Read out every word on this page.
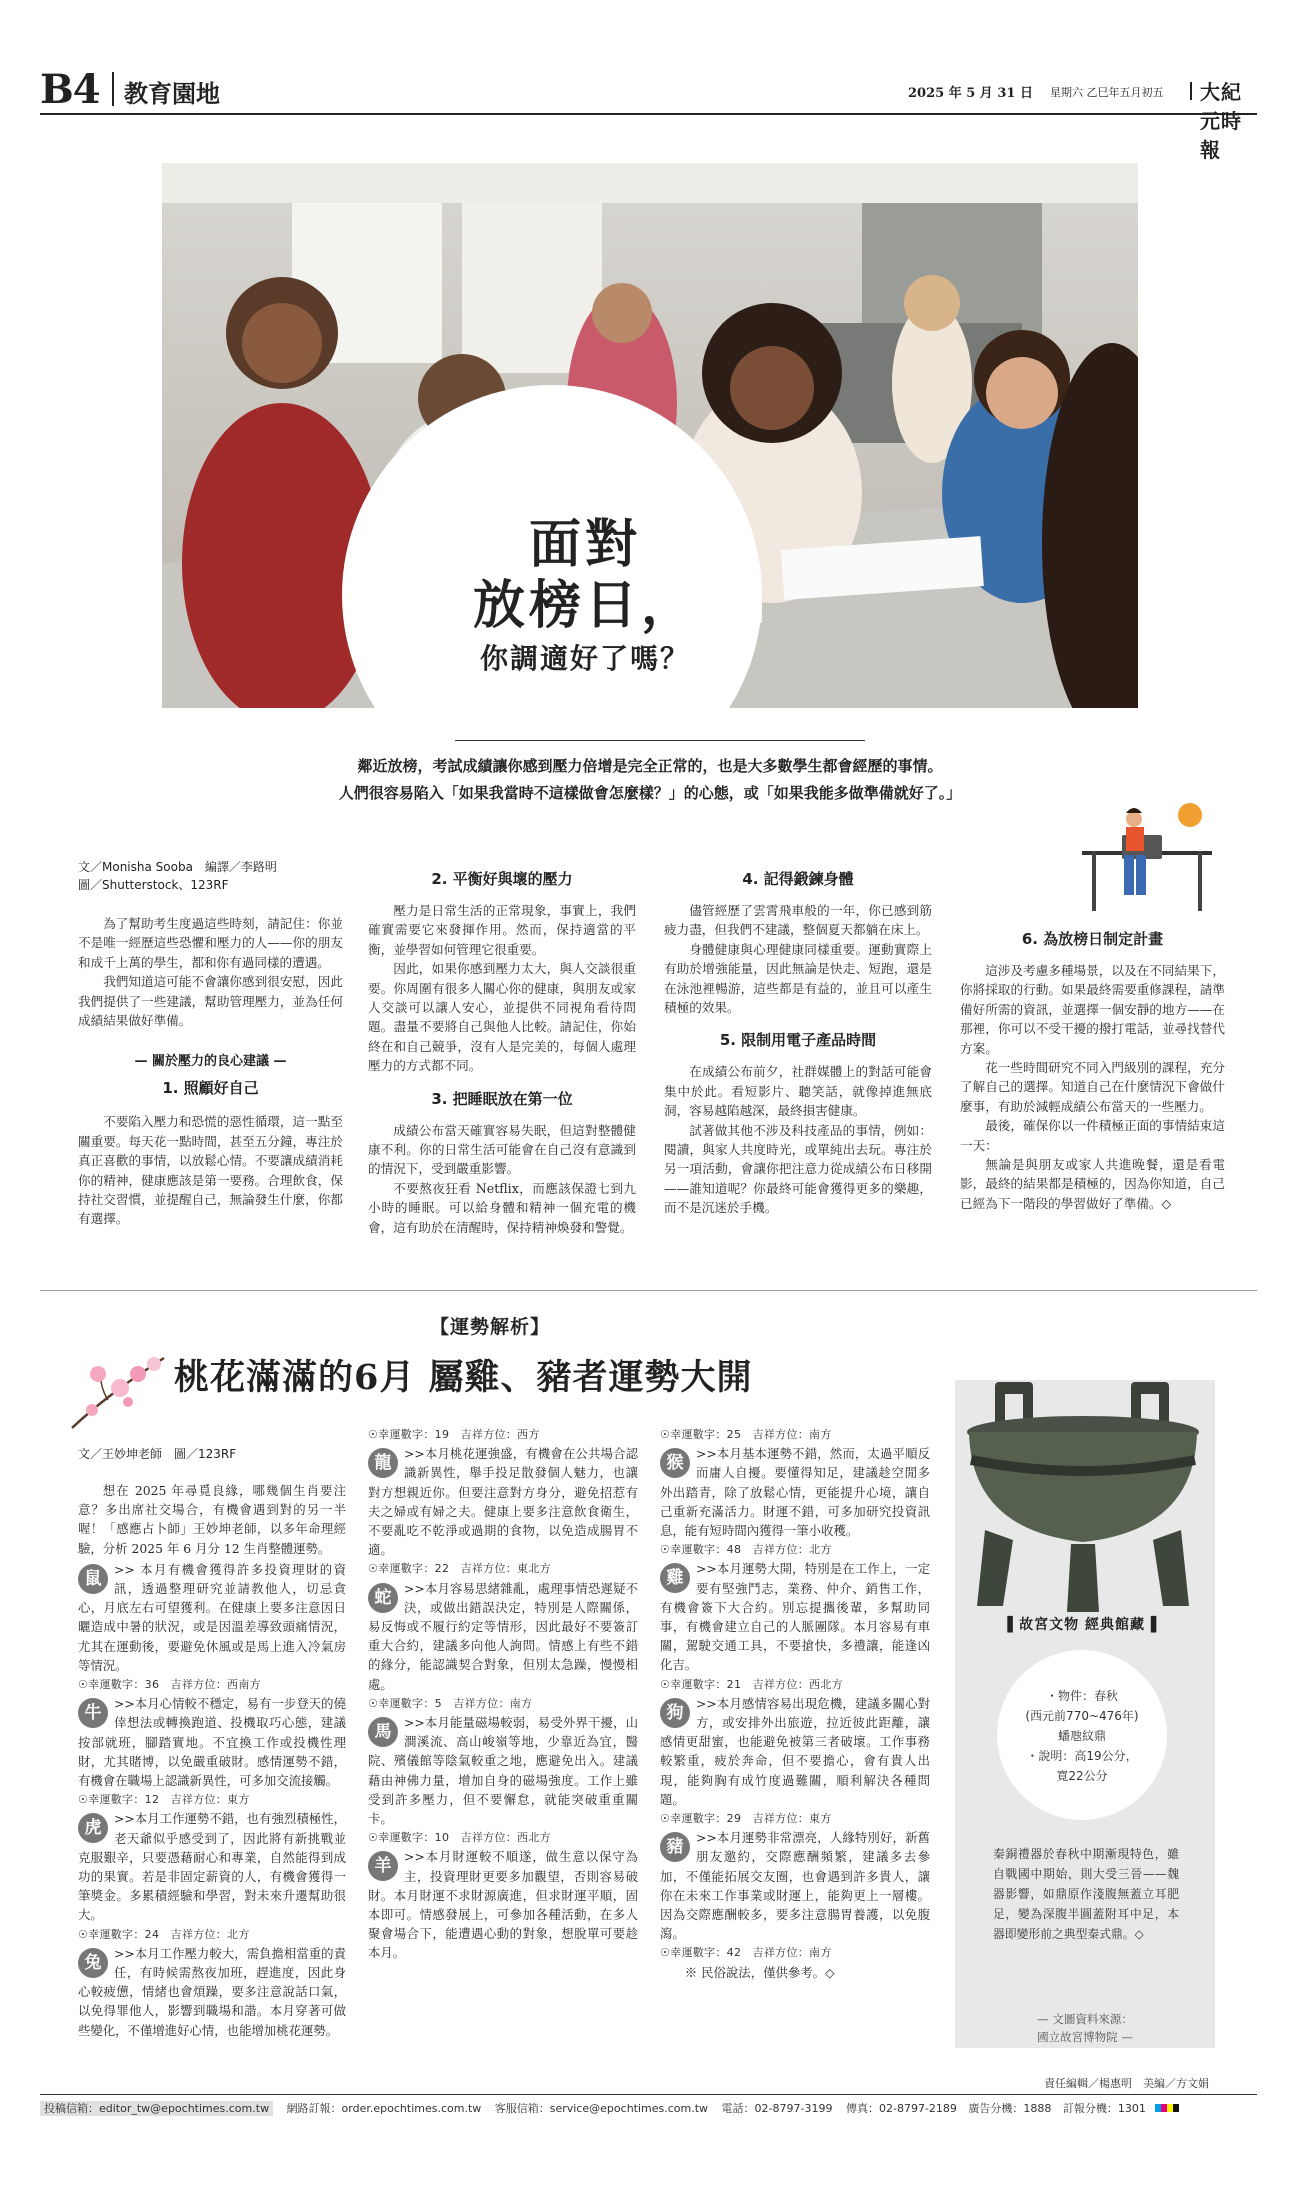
B4 教育園地	2025 年 5 月 31 日 星期六 乙巳年五月初五 大紀元時報
面對
放榜日，
你調適好了嗎？
鄰近放榜，考試成績讓你感到壓力倍增是完全正常的，也是大多數學生都會經歷的事情。
人們很容易陷入「如果我當時不這樣做會怎麼樣？」的心態，或「如果我能多做準備就好了。」
文／Monisha Sooba　編譯／李路明
圖／Shutterstock、123RF

為了幫助考生度過這些時刻，請記住：你並不是唯一經歷這些恐懼和壓力的人——你的朋友和成千上萬的學生，都和你有過同樣的遭遇。

我們知道這可能不會讓你感到很安慰，因此我們提供了一些建議，幫助管理壓力，並為任何成績結果做好準備。

— 關於壓力的良心建議 —
1. 照顧好自己

不要陷入壓力和恐慌的惡性循環，這一點至關重要。每天花一點時間，甚至五分鐘，專注於真正喜歡的事情，以放鬆心情。不要讓成績消耗你的精神，健康應該是第一要務。合理飲食，保持社交習慣，並提醒自己，無論發生什麼，你都有選擇。

2. 平衡好與壞的壓力

壓力是日常生活的正常現象，事實上，我們確實需要它來發揮作用。然而，保持適當的平衡，並學習如何管理它很重要。

因此，如果你感到壓力太大，與人交談很重要。你周圍有很多人關心你的健康，與朋友或家人交談可以讓人安心，並提供不同視角看待問題。盡量不要將自己與他人比較。請記住，你始終在和自己競爭，沒有人是完美的，每個人處理壓力的方式都不同。

3. 把睡眠放在第一位

成績公布當天確實容易失眠，但這對整體健康不利。你的日常生活可能會在自己沒有意識到的情況下，受到嚴重影響。

不要熬夜狂看 Netflix，而應該保證七到九小時的睡眠。可以給身體和精神一個充電的機會，這有助於在清醒時，保持精神煥發和警覺。

4. 記得鍛鍊身體

儘管經歷了雲霄飛車般的一年，你已感到筋疲力盡，但我們不建議，整個夏天都躺在床上。

身體健康與心理健康同樣重要。運動實際上有助於增強能量，因此無論是快走、短跑，還是在泳池裡暢游，這些都是有益的，並且可以產生積極的效果。

5. 限制用電子產品時間

在成績公布前夕，社群媒體上的對話可能會集中於此。看短影片、聽笑話，就像掉進無底洞，容易越陷越深，最終損害健康。

試著做其他不涉及科技產品的事情，例如：閱讀，與家人共度時光，或單純出去玩。專注於另一項活動，會讓你把注意力從成績公布日移開——誰知道呢？你最終可能會獲得更多的樂趣，而不是沉迷於手機。

6. 為放榜日制定計畫

這涉及考慮多種場景，以及在不同結果下，你將採取的行動。如果最終需要重修課程，請準備好所需的資訊，並選擇一個安靜的地方——在那裡，你可以不受干擾的撥打電話，並尋找替代方案。

花一些時間研究不同入門級別的課程，充分了解自己的選擇。知道自己在什麼情況下會做什麼事，有助於減輕成績公布當天的一些壓力。

最後，確保你以一件積極正面的事情結束這一天：

無論是與朋友或家人共進晚餐，還是看電影，最終的結果都是積極的，因為你知道，自己已經為下一階段的學習做好了準備。◇

【運勢解析】
桃花滿滿的6月 屬雞、豬者運勢大開
文／王妙坤老師　圖／123RF

想在 2025 年尋覓良緣，哪幾個生肖要注意？多出席社交場合，有機會遇到對的另一半喔！「感應占卜師」王妙坤老師，以多年命理經驗，分析 2025 年 6 月分 12 生肖整體運勢。

鼠	>> 本月有機會獲得許多投資理財的資訊，透過整理研究並請教他人，切忌貪心，月底左右可望獲利。在健康上要多注意因日曬造成中暑的狀況，或是因溫差導致頭痛情況，尤其在運動後，要避免休風或是馬上進入冷氣房等情況。
☉幸運數字：36　吉祥方位：西南方
牛	>>本月心情較不穩定，易有一步登天的僥倖想法或轉換跑道、投機取巧心態，建議按部就班，腳踏實地。不宜換工作或投機性理財，尤其賭博，以免嚴重破財。感情運勢不錯，有機會在職場上認識新異性，可多加交流接觸。
☉幸運數字：12　吉祥方位：東方
虎	>>本月工作運勢不錯，也有強烈積極性，老天爺似乎感受到了，因此將有新挑戰並克服艱辛，只要憑藉耐心和專業，自然能得到成功的果實。若是非固定薪資的人，有機會獲得一筆獎金。多累積經驗和學習，對未來升遷幫助很大。
☉幸運數字：24　吉祥方位：北方
兔	>>本月工作壓力較大，需負擔相當重的責任，有時候需熬夜加班，趕進度，因此身心較疲憊，情緒也會煩躁，要多注意說話口氣，以免得罪他人，影響到職場和諧。本月穿著可做些變化，不僅增進好心情，也能增加桃花運勢。
☉幸運數字：19　吉祥方位：西方
龍	>>本月桃花運強盛，有機會在公共場合認識新異性，舉手投足散發個人魅力，也讓對方想親近你。但要注意對方身分，避免招惹有夫之婦或有婦之夫。健康上要多注意飲食衛生，不要亂吃不乾淨或過期的食物，以免造成腸胃不適。
☉幸運數字：22　吉祥方位：東北方
蛇	>>本月容易思緒雜亂，處理事情恐遲疑不決，或做出錯誤決定，特別是人際關係，易反悔或不履行約定等情形，因此最好不要簽訂重大合約，建議多向他人詢問。情感上有些不錯的緣分，能認識契合對象，但別太急躁，慢慢相處。
☉幸運數字：5　吉祥方位：南方
馬	>>本月能量磁場較弱，易受外界干擾，山澗溪流、高山峻嶺等地，少靠近為宜，醫院、殯儀館等陰氣較重之地，應避免出入。建議藉由神佛力量，增加自身的磁場強度。工作上雖受到許多壓力，但不要懈怠，就能突破重重關卡。
☉幸運數字：10　吉祥方位：西北方
羊	>>本月財運較不順遂，做生意以保守為主，投資理財更要多加觀望，否則容易破財。本月財運不求財源廣進，但求財運平順，固本即可。情感發展上，可參加各種活動，在多人聚會場合下，能遭遇心動的對象，想脫單可要趁本月。
☉幸運數字：25　吉祥方位：南方
猴	>>本月基本運勢不錯，然而，太過平順反而庸人自擾。要懂得知足，建議趁空閒多外出踏青，除了放鬆心情，更能提升心境，讓自己重新充滿活力。財運不錯，可多加研究投資訊息，能有短時間內獲得一筆小收穫。
☉幸運數字：48　吉祥方位：北方
雞	>>本月運勢大開，特別是在工作上，一定要有堅強鬥志，業務、仲介、銷售工作，有機會簽下大合約。別忘提攜後輩，多幫助同事，有機會建立自己的人脈團隊。本月容易有車關，駕駛交通工具，不要搶快，多禮讓，能逢凶化吉。
☉幸運數字：21　吉祥方位：西北方
狗	>>本月感情容易出現危機，建議多關心對方，或安排外出旅遊，拉近彼此距離，讓感情更甜蜜，也能避免被第三者破壞。工作事務較繁重，疲於奔命，但不要擔心，會有貴人出現，能夠胸有成竹度過難關，順利解決各種問題。
☉幸運數字：29　吉祥方位：東方
豬	>>本月運勢非常漂亮，人緣特別好，新舊朋友邀約，交際應酬頻繁，建議多去參加，不僅能拓展交友圈，也會遇到許多貴人，讓你在未來工作事業或財運上，能夠更上一層樓。因為交際應酬較多，要多注意腸胃養護，以免腹瀉。
☉幸運數字：42　吉祥方位：南方
※ 民俗說法，僅供參考。◇
▌故宮文物 經典館藏 ▌
・物件：春秋
(西元前770~476年)
蟠虺紋鼎
・說明：高19公分，
寬22公分
秦銅禮器於春秋中期漸現特色，雖自戰國中期始，則大受三晉——魏器影響，如鼎原作淺腹無蓋立耳肥足，變為深腹半圓蓋附耳中足，本器即變形前之典型秦式鼎。◇
— 文圖資料來源：
國立故宮博物院 —
責任編輯／楊惠明　美編／方文娟
投稿信箱：editor_tw@epochtimes.com.tw 網路訂報：order.epochtimes.com.tw 客服信箱：service@epochtimes.com.tw 電話：02-8797-3199 傳真：02-8797-2189 廣告分機：1888 訂報分機：1301
